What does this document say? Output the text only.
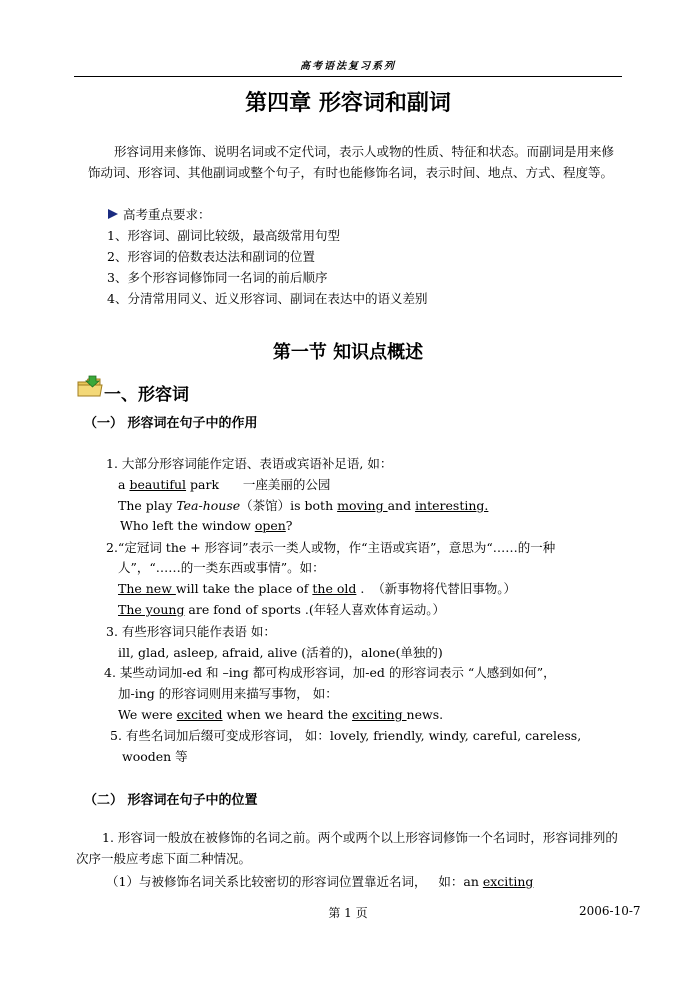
高考语法复习系列
第四章 形容词和副词
形容词用来修饰、说明名词或不定代词，表示人或物的性质、特征和状态。而副词是用来修饰动词、形容词、其他副词或整个句子，有时也能修饰名词，表示时间、地点、方式、程度等。
高考重点要求：
1、形容词、副词比较级，最高级常用句型
2、形容词的倍数表达法和副词的位置
3、多个形容词修饰同一名词的前后顺序
4、分清常用同义、近义形容词、副词在表达中的语义差别
第一节 知识点概述
一、形容词
（一） 形容词在句子中的作用
1. 大部分形容词能作定语、表语或宾语补足语, 如：
a beautiful park      一座美丽的公园
The play Tea-house（茶馆）is both moving and interesting.
Who left the window open?
2.“定冠词 the + 形容词”表示一类人或物，作“主语或宾语”，意思为“……的一种
人”，“……的一类东西或事情”。如：
The new will take the place of the old .  （新事物将代替旧事物。）
The young are fond of sports .(年轻人喜欢体育运动。）
3. 有些形容词只能作表语 如：
ill, glad, asleep, afraid, alive (活着的)，alone(单独的)
4. 某些动词加-ed 和 –ing 都可构成形容词，加-ed 的形容词表示 “人感到如何”，
加-ing 的形容词则用来描写事物， 如：
We were excited when we heard the exciting news.
5. 有些名词加后缀可变成形容词， 如：lovely, friendly, windy, careful, careless,
wooden 等
（二） 形容词在句子中的位置
1. 形容词一般放在被修饰的名词之前。两个或两个以上形容词修饰一个名词时，形容词排列的次序一般应考虑下面二种情况。
（1）与被修饰名词关系比较密切的形容词位置靠近名词，   如：an exciting
第 1 页	2006-10-7
